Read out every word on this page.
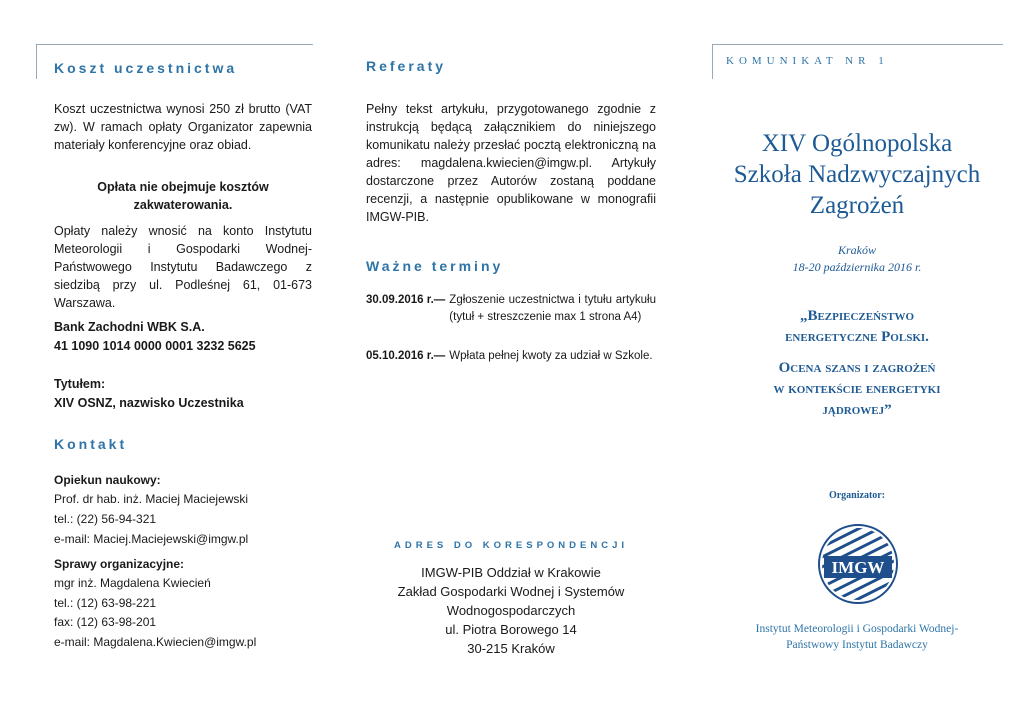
Koszt uczestnictwa

Koszt uczestnictwa wynosi 250 zł brutto (VAT zw). W ramach opłaty Organizator zapewnia materiały konferencyjne oraz obiad.

Opłata nie obejmuje kosztów zakwaterowania.

Opłaty należy wnosić na konto Instytutu Meteorologii i Gospodarki Wodnej- Państwowego Instytutu Badawczego z siedzibą przy ul. Podleśnej 61, 01-673 Warszawa.

Bank Zachodni WBK S.A.
41 1090 1014 0000 0001 3232 5625
Tytułem:
XIV OSNZ, nazwisko Uczestnika
Kontakt
Opiekun naukowy:
Prof. dr hab. inż. Maciej Maciejewski
tel.: (22) 56-94-321
e-mail: Maciej.Maciejewski@imgw.pl
Sprawy organizacyjne:
mgr inż. Magdalena Kwiecień
tel.: (12) 63-98-221
fax: (12) 63-98-201
e-mail: Magdalena.Kwiecien@imgw.pl
Referaty

Pełny tekst artykułu, przygotowanego zgodnie z instrukcją będącą załącznikiem do niniejszego komunikatu należy przesłać pocztą elektroniczną na adres: magdalena.kwiecien@imgw.pl. Artykuły dostarczone przez Autorów zostaną poddane recenzji, a następnie opublikowane w monografii IMGW-PIB.

Ważne terminy
30.09.2016 r.— Zgłoszenie uczestnictwa i tytułu artykułu (tytuł + streszczenie max 1 strona A4)
05.10.2016 r.— Wpłata pełnej kwoty za udział w Szkole.
ADRES DO KORESPONDENCJI
IMGW-PIB Oddział w Krakowie
Zakład Gospodarki Wodnej i Systemów
Wodnogospodarczych
ul. Piotra Borowego 14
30-215 Kraków
KOMUNIKAT NR 1
XIV Ogólnopolska
Szkoła Nadzwyczajnych
Zagrożeń
Kraków
18-20 października 2016 r.
„Bezpieczeństwo
energetyczne Polski.
Ocena szans i zagrożeń
w kontekście energetyki
jądrowej”
Organizator:
IMGW
Instytut Meteorologii i Gospodarki Wodnej-
Państwowy Instytut Badawczy
